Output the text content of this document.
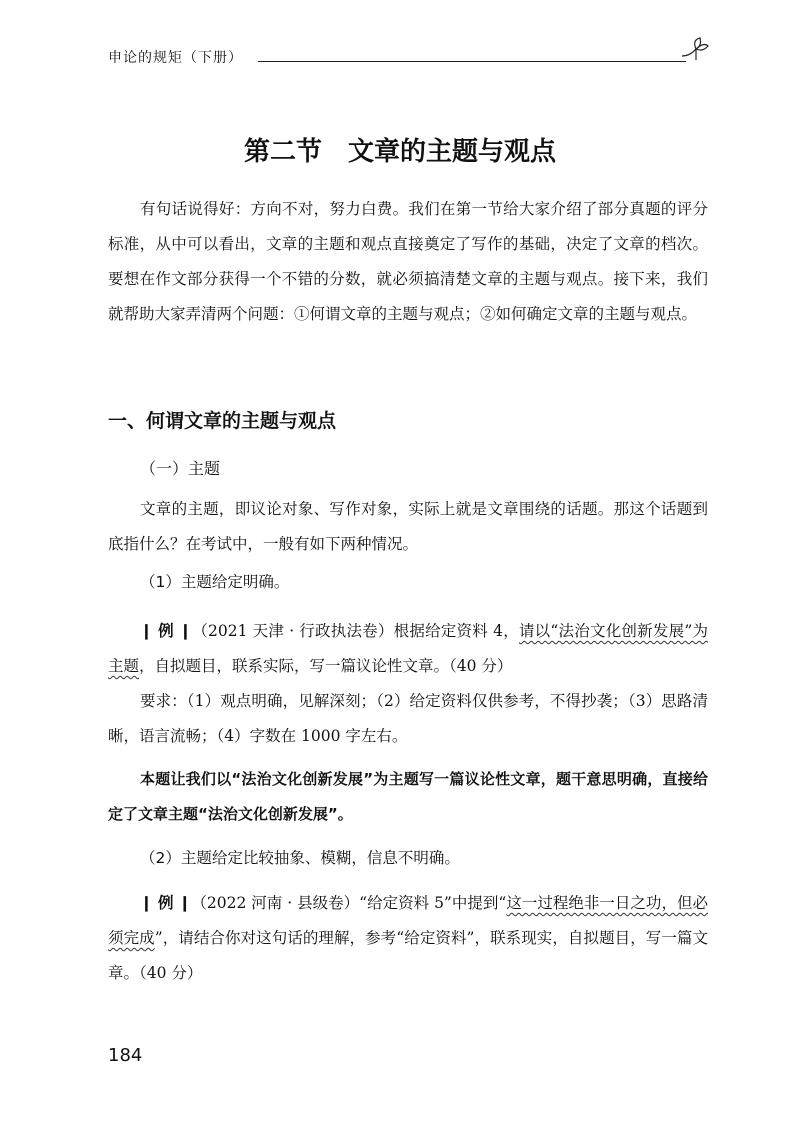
申论的规矩（下册）
第二节 文章的主题与观点
有句话说得好：方向不对，努力白费。我们在第一节给大家介绍了部分真题的评分标准，从中可以看出，文章的主题和观点直接奠定了写作的基础，决定了文章的档次。要想在作文部分获得一个不错的分数，就必须搞清楚文章的主题与观点。接下来，我们就帮助大家弄清两个问题：①何谓文章的主题与观点；②如何确定文章的主题与观点。
一、何谓文章的主题与观点
（一）主题
文章的主题，即议论对象、写作对象，实际上就是文章围绕的话题。那这个话题到底指什么？在考试中，一般有如下两种情况。
（1）主题给定明确。
❙ 例 ❙（2021 天津 · 行政执法卷）根据给定资料 4，请以“法治文化创新发展”为主题，自拟题目，联系实际，写一篇议论性文章。（40 分）
要求：（1）观点明确，见解深刻；（2）给定资料仅供参考，不得抄袭；（3）思路清晰，语言流畅；（4）字数在 1000 字左右。
本题让我们以“法治文化创新发展”为主题写一篇议论性文章，题干意思明确，直接给定了文章主题“法治文化创新发展”。
（2）主题给定比较抽象、模糊，信息不明确。
❙ 例 ❙（2022 河南 · 县级卷）“给定资料 5”中提到“这一过程绝非一日之功，但必须完成”，请结合你对这句话的理解，参考“给定资料”，联系现实，自拟题目，写一篇文章。（40 分）
184
